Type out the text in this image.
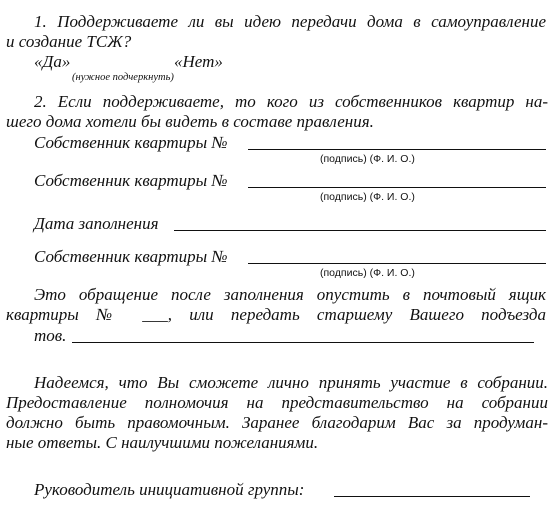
1. Поддерживаете ли вы идею передачи дома в самоуправление
и создание ТСЖ?
«Да»	«Нет»
(нужное подчеркнуть)
2. Если поддерживаете, то кого из собственников квартир на-
шего дома хотели бы видеть в составе правления.
Собственник квартиры №
(подпись) (Ф. И. О.)
Собственник квартиры №
(подпись) (Ф. И. О.)
Дата заполнения
Собственник квартиры №
(подпись) (Ф. И. О.)
Это обращение после заполнения опустить в почтовый ящик
квартиры № ___, или передать старшему Вашего подъезда
тов.
Надеемся, что Вы сможете лично принять участие в собрании.
Предоставление полномочия на представительство на собрании
должно быть правомочным. Заранее благодарим Вас за продуман-
ные ответы. С наилучшими пожеланиями.
Руководитель инициативной группы:
